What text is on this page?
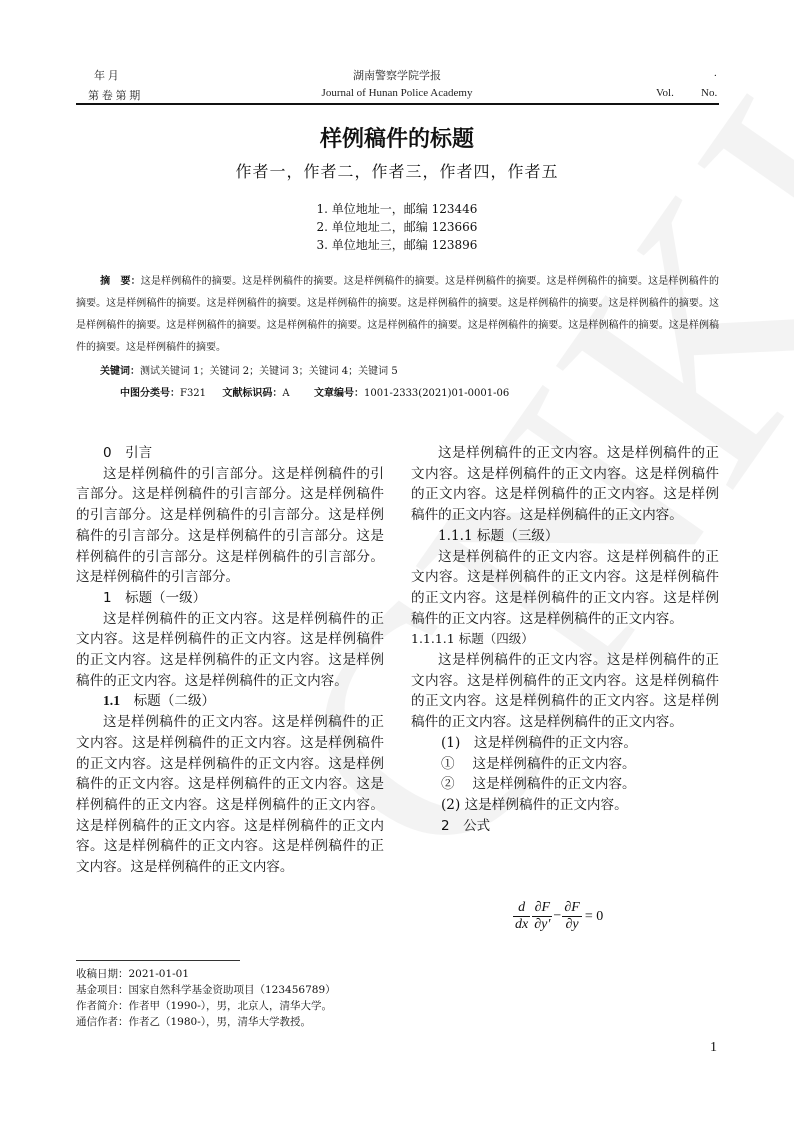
年 月
第 卷 第 期
湖南警察学院学报
Journal of Hunan Police Academy
.
Vol. No.
样例稿件的标题
作者一，作者二，作者三，作者四，作者五
1. 单位地址一，邮编 123446
2. 单位地址二，邮编 123666
3. 单位地址三，邮编 123896
摘　要：这是样例稿件的摘要。这是样例稿件的摘要。这是样例稿件的摘要。这是样例稿件的摘要。这是样例稿件的摘要。这是样例稿件的摘要。这是样例稿件的摘要。这是样例稿件的摘要。这是样例稿件的摘要。这是样例稿件的摘要。这是样例稿件的摘要。这是样例稿件的摘要。这是样例稿件的摘要。这是样例稿件的摘要。这是样例稿件的摘要。这是样例稿件的摘要。这是样例稿件的摘要。这是样例稿件的摘要。这是样例稿件的摘要。这是样例稿件的摘要。
关键词：测试关键词 1；关键词 2；关键词 3；关键词 4；关键词 5
中图分类号：F321 文献标识码：A 文章编号：1001-2333(2021)01-0001-06

0　引言

这是样例稿件的引言部分。这是样例稿件的引言部分。这是样例稿件的引言部分。这是样例稿件的引言部分。这是样例稿件的引言部分。这是样例稿件的引言部分。这是样例稿件的引言部分。这是样例稿件的引言部分。这是样例稿件的引言部分。这是样例稿件的引言部分。

1　标题（一级）

这是样例稿件的正文内容。这是样例稿件的正文内容。这是样例稿件的正文内容。这是样例稿件的正文内容。这是样例稿件的正文内容。这是样例稿件的正文内容。这是样例稿件的正文内容。

1.1　 标题（二级）

这是样例稿件的正文内容。这是样例稿件的正文内容。这是样例稿件的正文内容。这是样例稿件的正文内容。这是样例稿件的正文内容。这是样例稿件的正文内容。这是样例稿件的正文内容。这是样例稿件的正文内容。这是样例稿件的正文内容。这是样例稿件的正文内容。这是样例稿件的正文内容。这是样例稿件的正文内容。这是样例稿件的正文内容。这是样例稿件的正文内容。

这是样例稿件的正文内容。这是样例稿件的正文内容。这是样例稿件的正文内容。这是样例稿件的正文内容。这是样例稿件的正文内容。这是样例稿件的正文内容。这是样例稿件的正文内容。

1.1.1 标题（三级）

这是样例稿件的正文内容。这是样例稿件的正文内容。这是样例稿件的正文内容。这是样例稿件的正文内容。这是样例稿件的正文内容。这是样例稿件的正文内容。这是样例稿件的正文内容。

1.1.1.1 标题（四级）

这是样例稿件的正文内容。这是样例稿件的正文内容。这是样例稿件的正文内容。这是样例稿件的正文内容。这是样例稿件的正文内容。这是样例稿件的正文内容。这是样例稿件的正文内容。

(1)　这是样例稿件的正文内容。

①　 这是样例稿件的正文内容。

②　 这是样例稿件的正文内容。

(2) 这是样例稿件的正文内容。

2　公式

$\frac{d}{dx} \frac{\partial F}{\partial y'} - \frac{\partial F}{\partial y} = 0$
收稿日期：2021-01-01
基金项目：国家自然科学基金资助项目（123456789）
作者简介：作者甲（1990-），男，北京人，清华大学。
通信作者：作者乙（1980-），男，清华大学教授。
1
